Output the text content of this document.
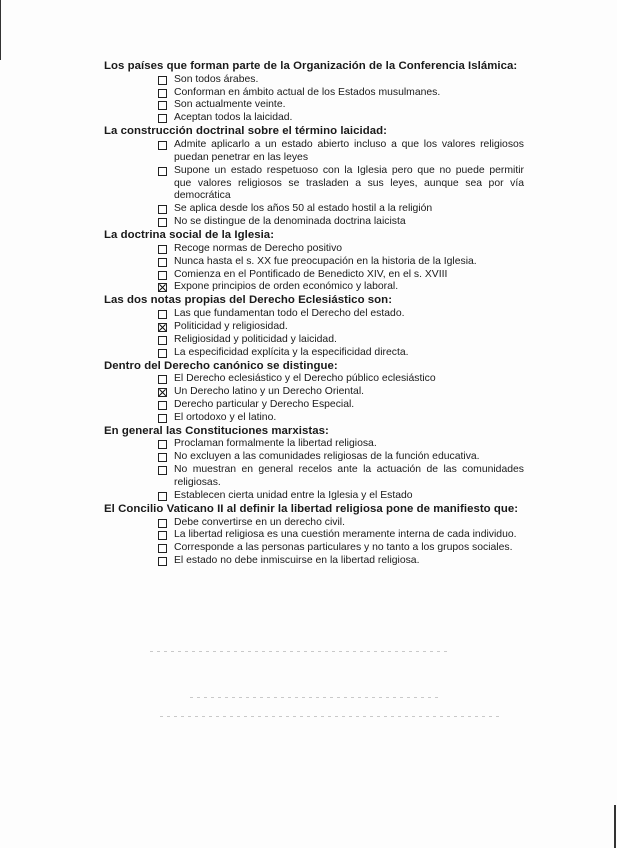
Los países que forman parte de la Organización de la Conferencia Islámica:

Son todos árabes.
Conforman en ámbito actual de los Estados musulmanes.
Son actualmente veinte.
Aceptan todos la laicidad.

La construcción doctrinal sobre el término laicidad:

Admite aplicarlo a un estado abierto incluso a que los valores religiosos puedan penetrar en las leyes
Supone un estado respetuoso con la Iglesia pero que no puede permitir que valores religiosos se trasladen a sus leyes, aunque sea por vía democrática
Se aplica desde los años 50 al estado hostil a la religión
No se distingue de la denominada doctrina laicista

La doctrina social de la Iglesia:

Recoge normas de Derecho positivo
Nunca hasta el s. XX fue preocupación en la historia de la Iglesia.
Comienza en el Pontificado de Benedicto XIV, en el s. XVIII
Expone principios de orden económico y laboral.

Las dos notas propias del Derecho Eclesiástico son:

Las que fundamentan todo el Derecho del estado.
Politicidad y religiosidad.
Religiosidad y politicidad y laicidad.
La especificidad explícita y la especificidad directa.

Dentro del Derecho canónico se distingue:

El Derecho eclesiástico y el Derecho público eclesiástico
Un Derecho latino y un Derecho Oriental.
Derecho particular y Derecho Especial.
El ortodoxo y el latino.

En general las Constituciones marxistas:

Proclaman formalmente la libertad religiosa.
No excluyen a las comunidades religiosas de la función educativa.
No muestran en general recelos ante la actuación de las comunidades religiosas.
Establecen cierta unidad entre la Iglesia y el Estado

El Concilio Vaticano II al definir la libertad religiosa pone de manifiesto que:

Debe convertirse en un derecho civil.
La libertad religiosa es una cuestión meramente interna de cada individuo.
Corresponde a las personas particulares y no tanto a los grupos sociales.
El estado no debe inmiscuirse en la libertad religiosa.
